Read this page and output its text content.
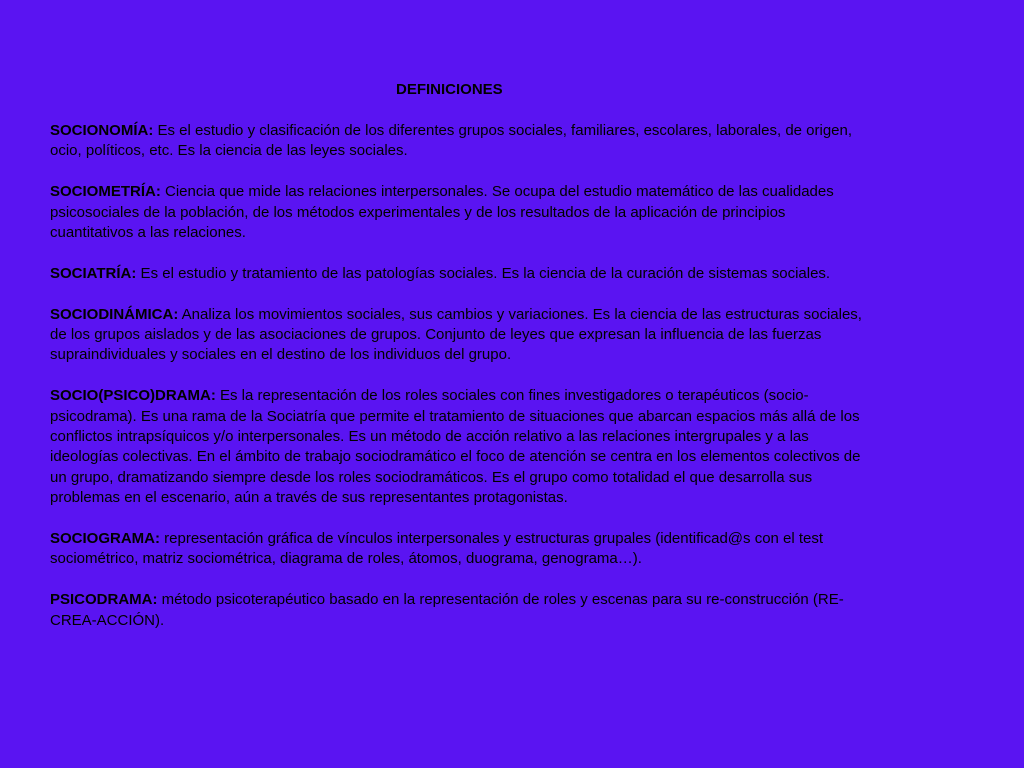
DEFINICIONES

SOCIONOMÍA: Es el estudio y clasificación de los diferentes grupos sociales, familiares, escolares, laborales, de origen, ocio, políticos, etc. Es la ciencia de las leyes sociales.

SOCIOMETRÍA: Ciencia que mide las relaciones interpersonales. Se ocupa del estudio matemático de las cualidades psicosociales de la población, de los métodos experimentales y de los resultados de la aplicación de principios cuantitativos a las relaciones.

SOCIATRÍA: Es el estudio y tratamiento de las patologías sociales. Es la ciencia de la curación de sistemas sociales.

SOCIODINÁMICA: Analiza los movimientos sociales, sus cambios y variaciones. Es la ciencia de las estructuras sociales, de los grupos aislados y de las asociaciones de grupos. Conjunto de leyes que expresan la influencia de las fuerzas supraindividuales y sociales en el destino de los individuos del grupo.

SOCIO(PSICO)DRAMA: Es la representación de los roles sociales con fines investigadores o terapéuticos (socio-psicodrama). Es una rama de la Sociatría que permite el tratamiento de situaciones que abarcan espacios más allá de los conflictos intrapsíquicos y/o interpersonales. Es un método de acción relativo a las relaciones intergrupales y a las ideologías colectivas. En el ámbito de trabajo sociodramático el foco de atención se centra en los elementos colectivos de un grupo, dramatizando siempre desde los roles sociodramáticos. Es el grupo como totalidad el que desarrolla sus problemas en el escenario, aún a través de sus representantes protagonistas.

SOCIOGRAMA: representación gráfica de vínculos interpersonales y estructuras grupales (identificad@s con el test sociométrico, matriz sociométrica, diagrama de roles, átomos, duograma, genograma…).

PSICODRAMA: método psicoterapéutico basado en la representación de roles y escenas para su re-construcción (RE-CREA-ACCIÓN).
